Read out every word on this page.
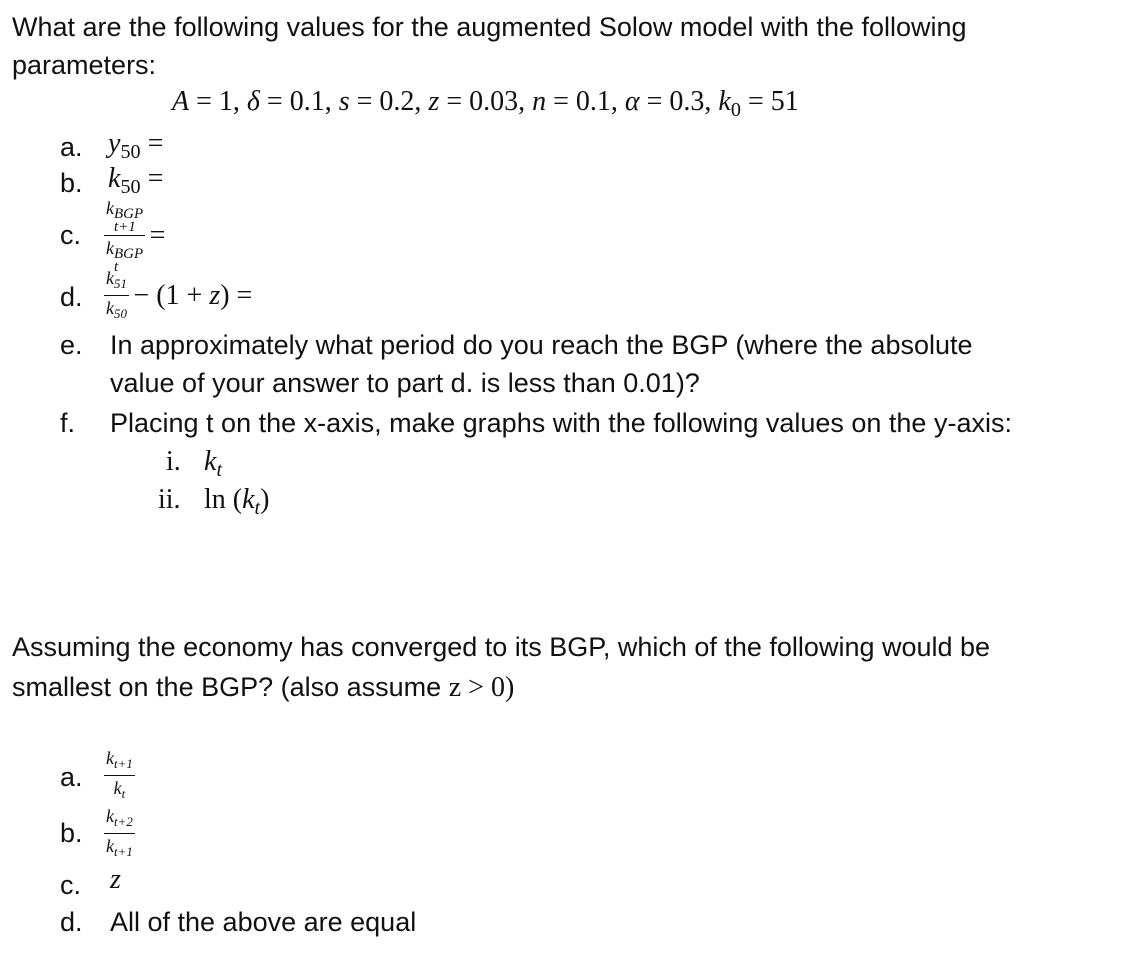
What are the following values for the augmented Solow model with the following
parameters:
A = 1, δ = 0.1, s = 0.2, z = 0.03, n = 0.1, α = 0.3, $k_0 = 51$
a. $y_{50}$ =
b. $k_{50}$ =
c. k BGP
t+1
k BGP
t =
d. $\frac{k_{51}}{k_{50}} - (1 + z)$ =
e. In approximately what period do you reach the BGP (where the absolute
value of your answer to part d. is less than 0.01)?
f. Placing t on the x-axis, make graphs with the following values on the y-axis:
i. $k_t$
ii. $\ln (k_t)$
Assuming the economy has converged to its BGP, which of the following would be
smallest on the BGP? (also assume z > 0)
a. $\frac{k_{t+1}}{k_t}$
b. $\frac{k_{t+2}}{k_{t+1}}$
c. z
d. All of the above are equal
